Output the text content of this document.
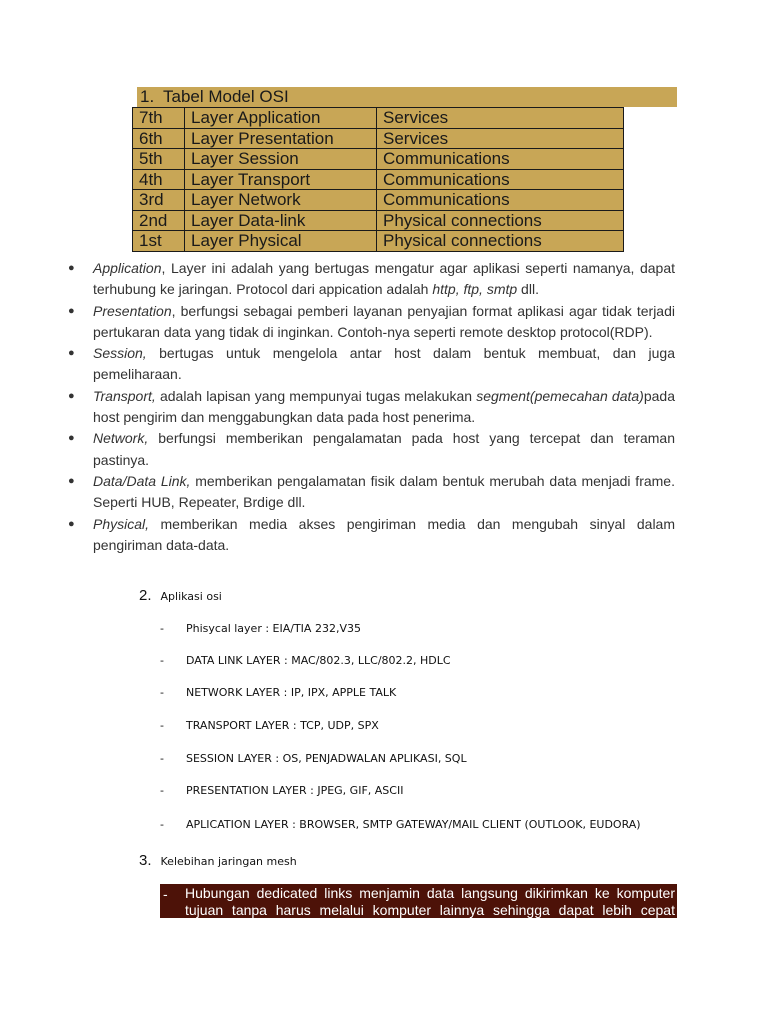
1. Tabel Model OSI
7th	Layer Application	Services
6th	Layer Presentation	Services
5th	Layer Session	Communications
4th	Layer Transport	Communications
3rd	Layer Network	Communications
2nd	Layer Data-link	Physical connections
1st	Layer Physical	Physical connections
● Application, Layer ini adalah yang bertugas mengatur agar aplikasi seperti namanya, dapat terhubung ke jaringan. Protocol dari appication adalah http, ftp, smtp dll.
● Presentation, berfungsi sebagai pemberi layanan penyajian format aplikasi agar tidak terjadi pertukaran data yang tidak di inginkan. Contoh-nya seperti remote desktop protocol(RDP).
● Session, bertugas untuk mengelola antar host dalam bentuk membuat, dan juga pemeliharaan.
● Transport, adalah lapisan yang mempunyai tugas melakukan segment(pemecahan data)pada host pengirim dan menggabungkan data pada host penerima.
● Network, berfungsi memberikan pengalamatan pada host yang tercepat dan teraman pastinya.
● Data/Data Link, memberikan pengalamatan fisik dalam bentuk merubah data menjadi frame. Seperti HUB, Repeater, Brdige dll.
● Physical, memberikan media akses pengiriman media dan mengubah sinyal dalam pengiriman data-data.
2. Aplikasi osi
- Phisycal layer : EIA/TIA 232,V35
- DATA LINK LAYER : MAC/802.3, LLC/802.2, HDLC
- NETWORK LAYER : IP, IPX, APPLE TALK
- TRANSPORT LAYER : TCP, UDP, SPX
- SESSION LAYER : OS, PENJADWALAN APLIKASI, SQL
- PRESENTATION LAYER : JPEG, GIF, ASCII
- APLICATION LAYER : BROWSER, SMTP GATEWAY/MAIL CLIENT (OUTLOOK, EUDORA)
3. Kelebihan jaringan mesh
- Hubungan dedicated links menjamin data langsung dikirimkan ke komputer tujuan tanpa harus melalui komputer lainnya sehingga dapat lebih cepat
